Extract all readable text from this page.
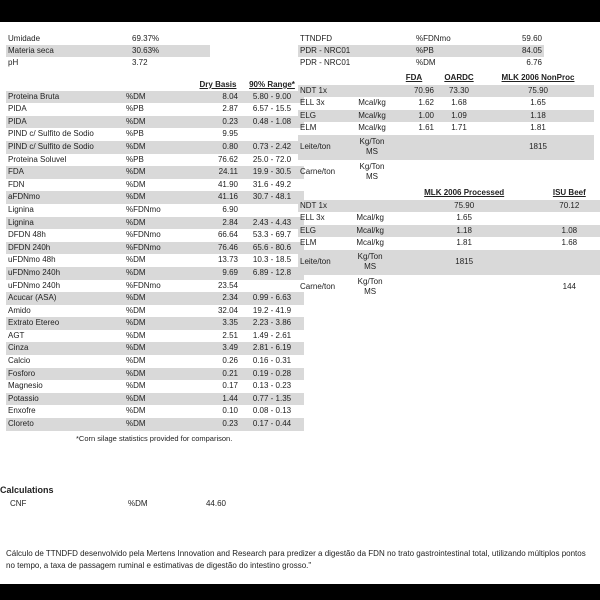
Umidade	69.37%
Materia seca	30.63%
pH	3.72
TTNDFD	%FDNmo	59.60
PDR - NRC01	%PB	84.05
PDR - NRC01	%DM	6.76
		Dry Basis	90% Range*
Proteina Bruta	%DM	8.04	5.80 - 9.00
PIDA	%PB	2.87	6.57 - 15.5
PIDA	%DM	0.23	0.48 - 1.08
PIND c/ Sulfito de Sodio	%PB	9.95	
PIND c/ Sulfito de Sodio	%DM	0.80	0.73 - 2.42
Proteina Soluvel	%PB	76.62	25.0 - 72.0
FDA	%DM	24.11	19.9 - 30.5
FDN	%DM	41.90	31.6 - 49.2
aFDNmo	%DM	41.16	30.7 - 48.1
Lignina	%FDNmo	6.90	
Lignina	%DM	2.84	2.43 - 4.43
DFDN 48h	%FDNmo	66.64	53.3 - 69.7
DFDN 240h	%FDNmo	76.46	65.6 - 80.6
uFDNmo 48h	%DM	13.73	10.3 - 18.5
uFDNmo 240h	%DM	9.69	6.89 - 12.8
uFDNmo 240h	%FDNmo	23.54	
Acucar (ASA)	%DM	2.34	0.99 - 6.63
Amido	%DM	32.04	19.2 - 41.9
Extrato Etereo	%DM	3.35	2.23 - 3.86
AGT	%DM	2.51	1.49 - 2.61
Cinza	%DM	3.49	2.81 - 6.19
Calcio	%DM	0.26	0.16 - 0.31
Fosforo	%DM	0.21	0.19 - 0.28
Magnesio	%DM	0.17	0.13 - 0.23
Potassio	%DM	1.44	0.77 - 1.35
Enxofre	%DM	0.10	0.08 - 0.13
Cloreto	%DM	0.23	0.17 - 0.44
*Corn silage statistics provided for comparison.
		FDA	OARDC	MLK 2006 NonProc
NDT 1x		70.96	73.30	75.90
ELL 3x	Mcal/kg	1.62	1.68	1.65
ELG	Mcal/kg	1.00	1.09	1.18
ELM	Mcal/kg	1.61	1.71	1.81
Leite/ton	Kg/Ton MS			1815
Carne/ton	Kg/Ton MS			
		MLK 2006 Processed	ISU Beef
NDT 1x		75.90	70.12
ELL 3x	Mcal/kg	1.65	
ELG	Mcal/kg	1.18	1.08
ELM	Mcal/kg	1.81	1.68
Leite/ton	Kg/Ton MS	1815	
Carne/ton	Kg/Ton MS		144
Calculations
CNF	%DM	44.60
Cálculo de TTNDFD desenvolvido pela Mertens Innovation and Research para predizer a digestão da FDN no trato gastrointestinal total, utilizando múltiplos pontos no tempo, a taxa de passagem ruminal e estimativas de digestão do intestino grosso."
